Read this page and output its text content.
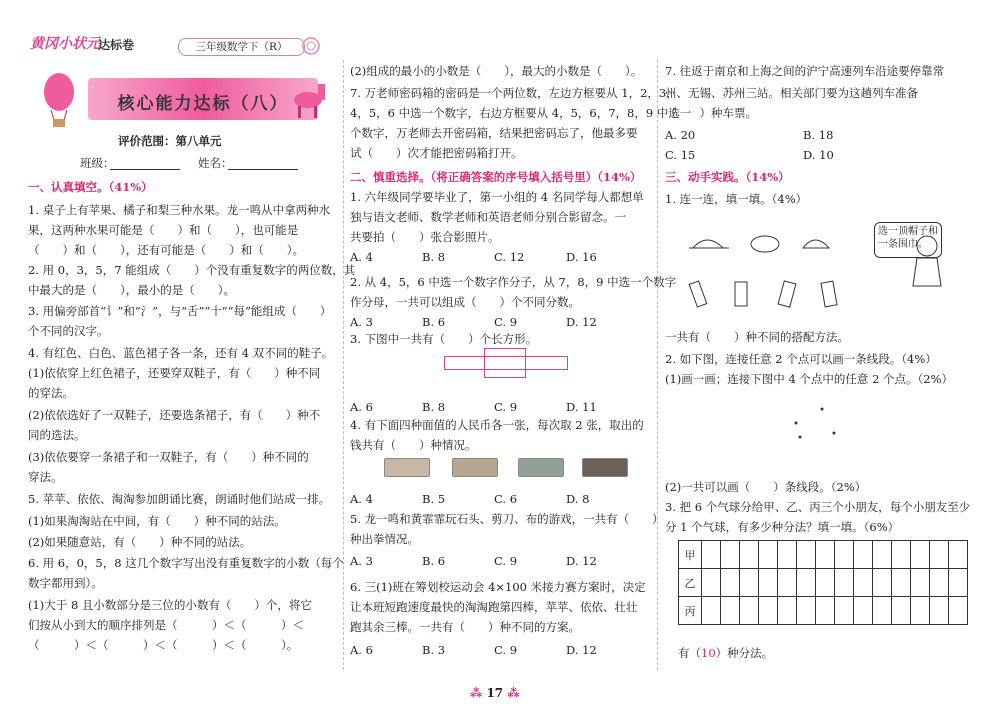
黄冈小状元
达标卷	三年级数学下（R）
核心能力达标（八）
评价范围：第八单元
班级：	姓名：
一、认真填空。（41%）
1. 桌子上有苹果、橘子和梨三种水果。龙一鸣从中拿两种水
果，这两种水果可能是（　　）和（　　），也可能是
（　　）和（　　），还有可能是（　　）和（　　）。
2. 用 0，3，5，7 能组成（　　）个没有重复数字的两位数，其
中最大的是（　　），最小的是（　　）。
3. 用偏旁部首“讠”和“氵”，与“舌”“十”“每”能组成（　　）
个不同的汉字。
4. 有红色、白色、蓝色裙子各一条，还有 4 双不同的鞋子。
(1)依依穿上红色裙子，还要穿双鞋子，有（　　）种不同
的穿法。
(2)依依选好了一双鞋子，还要选条裙子，有（　　）种不
同的选法。
(3)依依要穿一条裙子和一双鞋子，有（　　）种不同的
穿法。
5. 苹苹、依依、淘淘参加朗诵比赛，朗诵时他们站成一排。
(1)如果淘淘站在中间，有（　　）种不同的站法。
(2)如果随意站，有（　　）种不同的站法。
6. 用 6，0，5，8 这几个数字写出没有重复数字的小数（每个
数字都用到）。
(1)大于 8 且小数部分是三位的小数有（　　）个，将它
们按从小到大的顺序排列是（　　　）＜（　　　）＜
（　　　）＜（　　　）＜（　　　）＜（　　　）。
(2)组成的最小的小数是（　　），最大的小数是（　　）。
7. 万老师密码箱的密码是一个两位数，左边方框要从 1，2，3，
4，5，6 中选一个数字，右边方框要从 4，5，6，7，8，9 中选一
个数字，万老师去开密码箱，结果把密码忘了，他最多要
试（　　）次才能把密码箱打开。
二、慎重选择。（将正确答案的序号填入括号里）（14%）
1. 六年级同学要毕业了，第一小组的 4 名同学每人都想单
独与语文老师、数学老师和英语老师分别合影留念。一
共要拍（　　）张合影照片。
2. 从 4，5，6 中选一个数字作分子，从 7，8，9 中选一个数字
作分母，一共可以组成（　　）个不同分数。
3. 下图中一共有（　　）个长方形。
4. 有下面四种面值的人民币各一张，每次取 2 张，取出的
钱共有（　　）种情况。
5. 龙一鸣和黄霏霏玩石头、剪刀、布的游戏，一共有（　　）
种出拳情况。
6. 三(1)班在筹划校运动会 4×100 米接力赛方案时，决定
让本班短跑速度最快的淘淘跑第四棒，苹苹、依依、壮壮
跑其余三棒。一共有（　　）种不同的方案。
A. 4	B. 8	C. 12	D. 16
A. 3	B. 6	C. 9	D. 12
A. 6	B. 8	C. 9	D. 11
A. 4	B. 5	C. 6	D. 8
A. 3	B. 6	C. 9	D. 12
A. 6	B. 3	C. 9	D. 12
7. 往返于南京和上海之间的沪宁高速列车沿途要停靠常
州、无锡、苏州三站。相关部门要为这趟列车准备
（　　）种车票。
三、动手实践。（14%）
1. 连一连，填一填。（4%）
一共有（　　）种不同的搭配方法。
2. 如下图，连接任意 2 个点可以画一条线段。（4%）
(1)画一画；连接下图中 4 个点中的任意 2 个点。（2%）
(2)一共可以画（　　）条线段。（2%）
3. 把 6 个气球分给甲、乙、丙三个小朋友，每个小朋友至少
分 1 个气球，有多少种分法？填一填。（6%）
A. 20	B. 18
C. 15	D. 10
选一顶帽子和一条围巾。
甲														
乙														
丙														
有（10）种分法。
⁂ 17 ⁂
